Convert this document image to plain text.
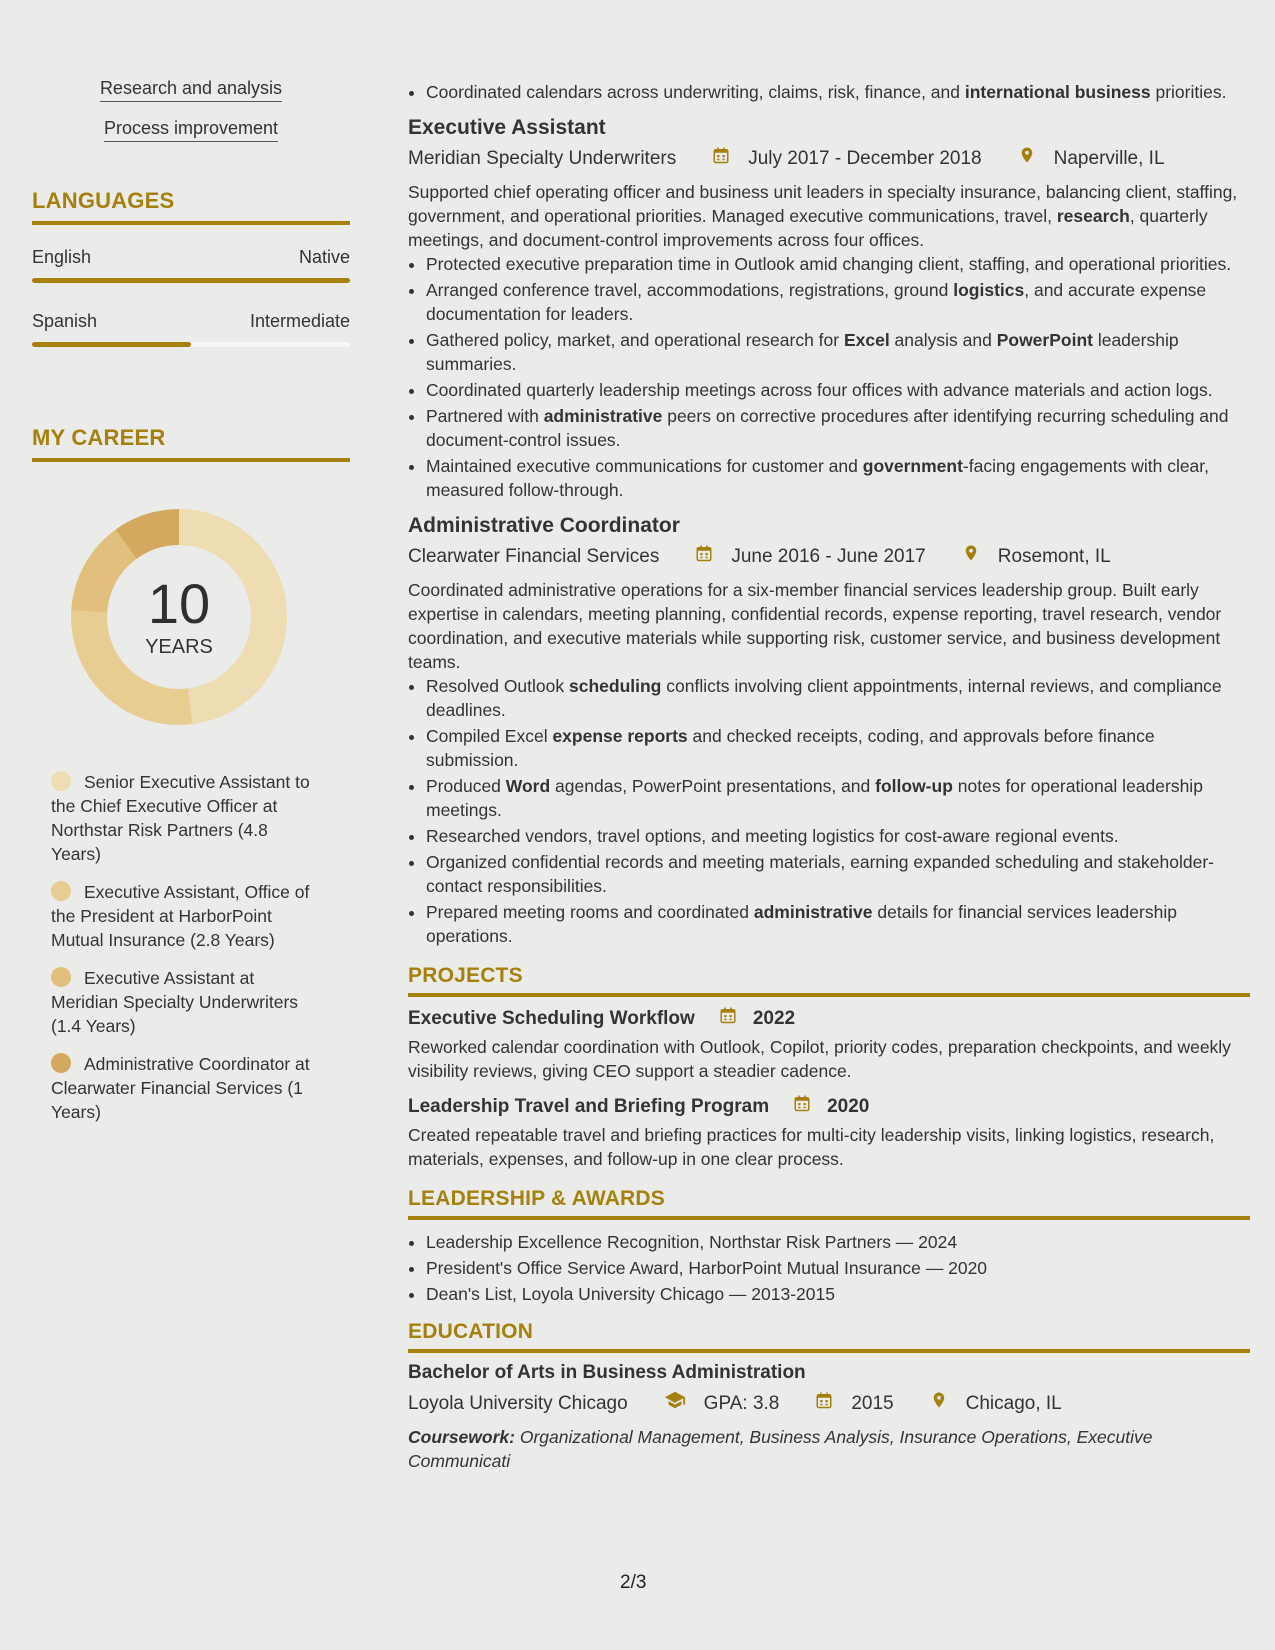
Research and analysis
Process improvement
LANGUAGES
English	Native
Spanish	Intermediate
MY CAREER
10
YEARS
Senior Executive Assistant to the Chief Executive Officer at Northstar Risk Partners (4.8 Years)
Executive Assistant, Office of the President at HarborPoint Mutual Insurance (2.8 Years)
Executive Assistant at Meridian Specialty Underwriters (1.4 Years)
Administrative Coordinator at Clearwater Financial Services (1 Years)
• Coordinated calendars across underwriting, claims, risk, finance, and international business priorities.
Executive Assistant
Meridian Specialty Underwriters	July 2017 - December 2018	Naperville, IL
Supported chief operating officer and business unit leaders in specialty insurance, balancing client, staffing, government, and operational priorities. Managed executive communications, travel, research, quarterly meetings, and document-control improvements across four offices.
• Protected executive preparation time in Outlook amid changing client, staffing, and operational priorities.
• Arranged conference travel, accommodations, registrations, ground logistics, and accurate expense documentation for leaders.
• Gathered policy, market, and operational research for Excel analysis and PowerPoint leadership summaries.
• Coordinated quarterly leadership meetings across four offices with advance materials and action logs.
• Partnered with administrative peers on corrective procedures after identifying recurring scheduling and document-control issues.
• Maintained executive communications for customer and government-facing engagements with clear, measured follow-through.
Administrative Coordinator
Clearwater Financial Services	June 2016 - June 2017	Rosemont, IL
Coordinated administrative operations for a six-member financial services leadership group. Built early expertise in calendars, meeting planning, confidential records, expense reporting, travel research, vendor coordination, and executive materials while supporting risk, customer service, and business development teams.
• Resolved Outlook scheduling conflicts involving client appointments, internal reviews, and compliance deadlines.
• Compiled Excel expense reports and checked receipts, coding, and approvals before finance submission.
• Produced Word agendas, PowerPoint presentations, and follow-up notes for operational leadership meetings.
• Researched vendors, travel options, and meeting logistics for cost-aware regional events.
• Organized confidential records and meeting materials, earning expanded scheduling and stakeholder-contact responsibilities.
• Prepared meeting rooms and coordinated administrative details for financial services leadership operations.
PROJECTS
Executive Scheduling Workflow	2022
Reworked calendar coordination with Outlook, Copilot, priority codes, preparation checkpoints, and weekly visibility reviews, giving CEO support a steadier cadence.
Leadership Travel and Briefing Program	2020
Created repeatable travel and briefing practices for multi-city leadership visits, linking logistics, research, materials, expenses, and follow-up in one clear process.
LEADERSHIP & AWARDS
• Leadership Excellence Recognition, Northstar Risk Partners — 2024
• President's Office Service Award, HarborPoint Mutual Insurance — 2020
• Dean's List, Loyola University Chicago — 2013-2015
EDUCATION
Bachelor of Arts in Business Administration
Loyola University Chicago	GPA: 3.8	2015	Chicago, IL
Coursework: Organizational Management, Business Analysis, Insurance Operations, Executive Communicati
2/3
